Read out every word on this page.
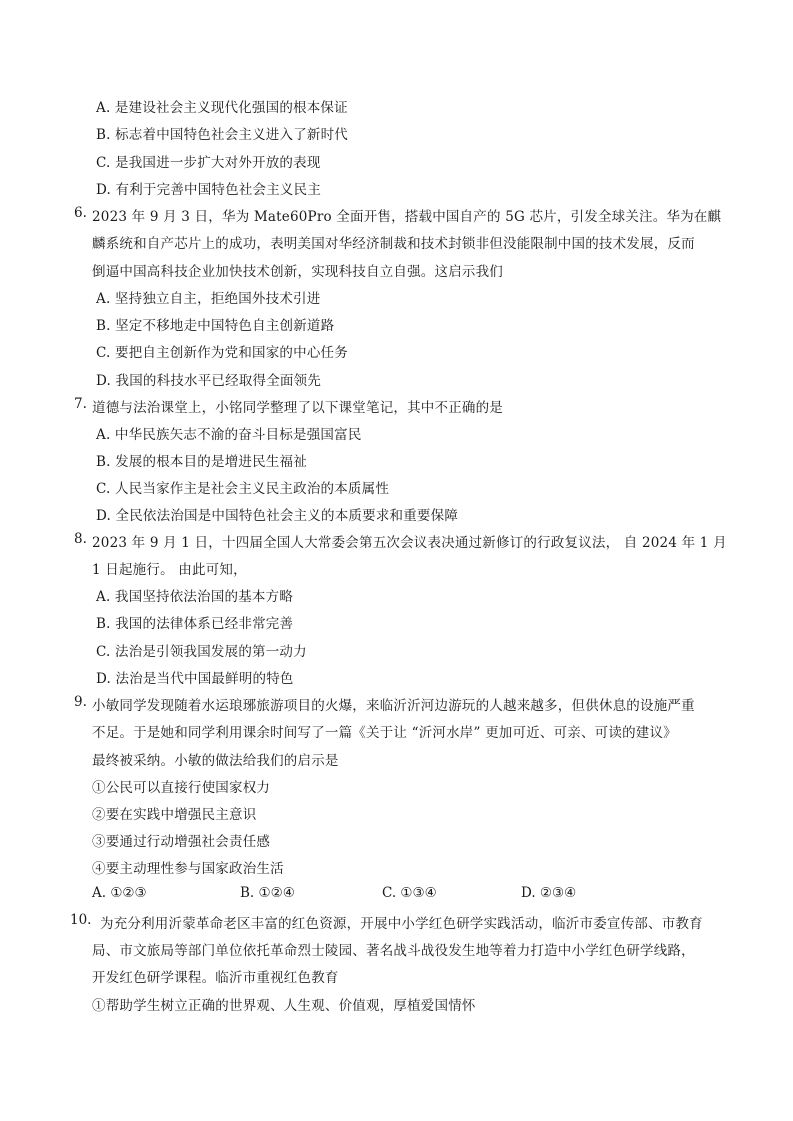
A. 是建设社会主义现代化强国的根本保证
B. 标志着中国特色社会主义进入了新时代
C. 是我国进一步扩大对外开放的表现
D. 有利于完善中国特色社会主义民主
6. 2023 年 9 月 3 日，华为 Mate60Pro 全面开售，搭载中国自产的 5G 芯片，引发全球关注。华为在麒
麟系统和自产芯片上的成功，表明美国对华经济制裁和技术封锁非但没能限制中国的技术发展，反而
倒逼中国高科技企业加快技术创新，实现科技自立自强。这启示我们
A. 坚持独立自主，拒绝国外技术引进
B. 坚定不移地走中国特色自主创新道路
C. 要把自主创新作为党和国家的中心任务
D. 我国的科技水平已经取得全面领先
7. 道德与法治课堂上，小铭同学整理了以下课堂笔记，其中不正确的是
A. 中华民族矢志不渝的奋斗目标是强国富民
B. 发展的根本目的是增进民生福祉
C. 人民当家作主是社会主义民主政治的本质属性
D. 全民依法治国是中国特色社会主义的本质要求和重要保障
8. 2023 年 9 月 1 日，十四届全国人大常委会第五次会议表决通过新修订的行政复议法， 自 2024 年 1 月
1 日起施行。 由此可知，
A. 我国坚持依法治国的基本方略
B. 我国的法律体系已经非常完善
C. 法治是引领我国发展的第一动力
D. 法治是当代中国最鲜明的特色
9. 小敏同学发现随着水运琅琊旅游项目的火爆，来临沂沂河边游玩的人越来越多，但供休息的设施严重
不足。于是她和同学利用课余时间写了一篇《关于让 “沂河水岸” 更加可近、可亲、可读的建议》
最终被采纳。小敏的做法给我们的启示是
①公民可以直接行使国家权力
②要在实践中增强民主意识
③要通过行动增强社会责任感
④要主动理性参与国家政治生活
A. ①②③	B. ①②④	C. ①③④	D. ②③④
10. 为充分利用沂蒙革命老区丰富的红色资源，开展中小学红色研学实践活动，临沂市委宣传部、市教育
局、市文旅局等部门单位依托革命烈士陵园、著名战斗战役发生地等着力打造中小学红色研学线路，
开发红色研学课程。临沂市重视红色教育
①帮助学生树立正确的世界观、人生观、价值观，厚植爱国情怀
